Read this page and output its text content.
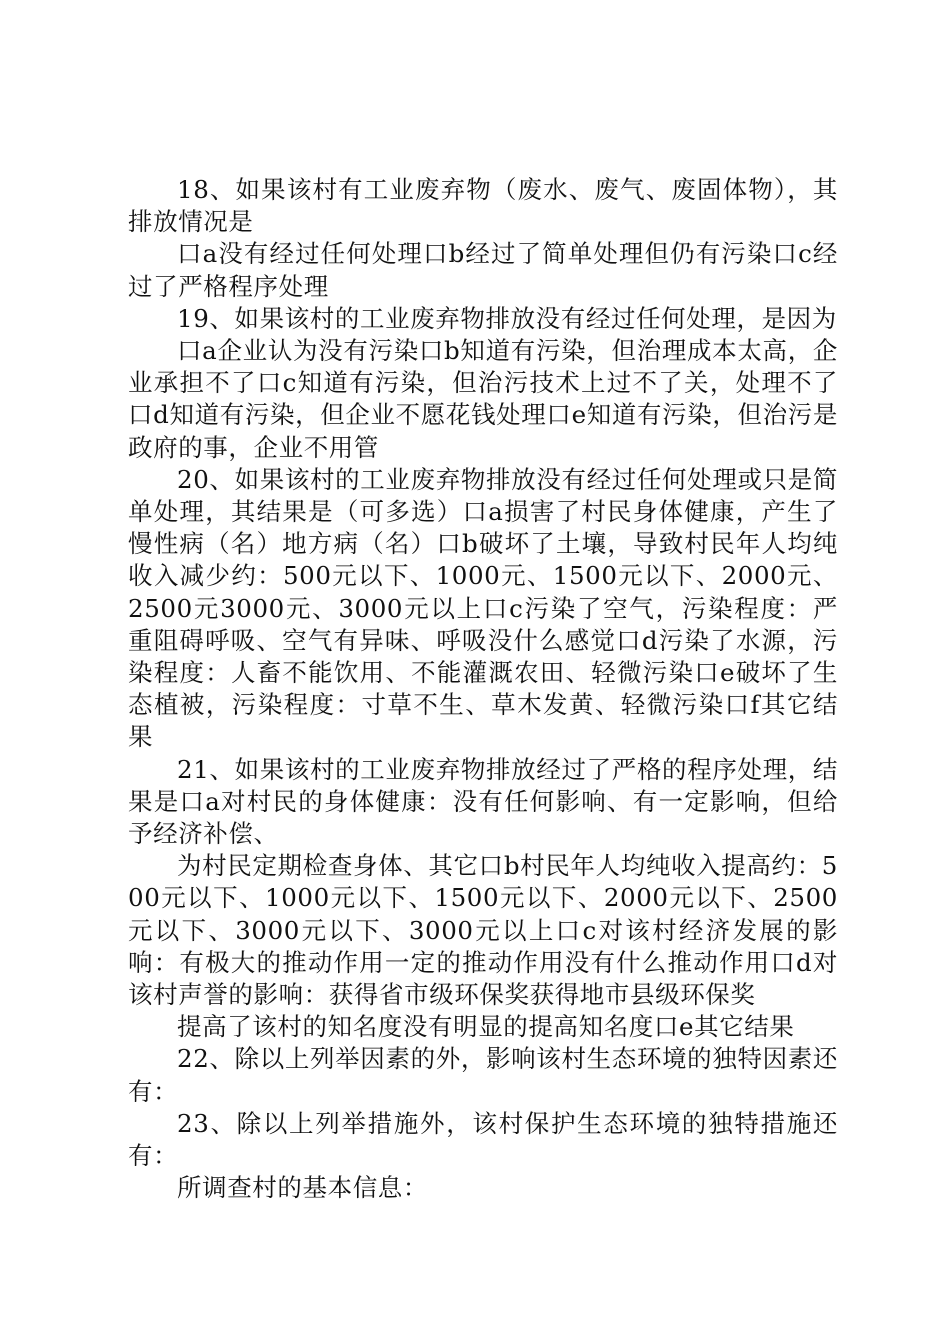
18、如果该村有工业废弃物（废水、废气、废固体物），其排放情况是

口a没有经过任何处理口b经过了简单处理但仍有污染口c经过了严格程序处理

19、如果该村的工业废弃物排放没有经过任何处理，是因为

口a企业认为没有污染口b知道有污染，但治理成本太高，企业承担不了口c知道有污染，但治污技术上过不了关，处理不了口d知道有污染，但企业不愿花钱处理口e知道有污染，但治污是政府的事，企业不用管

20、如果该村的工业废弃物排放没有经过任何处理或只是简单处理，其结果是（可多选）口a损害了村民身体健康，产生了慢性病（名）地方病（名）口b破坏了土壤，导致村民年人均纯收入减少约：500元以下、1000元、1500元以下、2000元、2500元3000元、3000元以上口c污染了空气，污染程度：严重阻碍呼吸、空气有异味、呼吸没什么感觉口d污染了水源，污染程度：人畜不能饮用、不能灌溉农田、轻微污染口e破坏了生态植被，污染程度：寸草不生、草木发黄、轻微污染口f其它结果

21、如果该村的工业废弃物排放经过了严格的程序处理，结果是口a对村民的身体健康：没有任何影响、有一定影响，但给予经济补偿、

为村民定期检查身体、其它口b村民年人均纯收入提高约：500元以下、1000元以下、1500元以下、2000元以下、2500元以下、3000元以下、3000元以上口c对该村经济发展的影响：有极大的推动作用一定的推动作用没有什么推动作用口d对该村声誉的影响：获得省市级环保奖获得地市县级环保奖

提高了该村的知名度没有明显的提高知名度口e其它结果

22、除以上列举因素的外，影响该村生态环境的独特因素还有：

23、除以上列举措施外，该村保护生态环境的独特措施还有：

所调查村的基本信息：
